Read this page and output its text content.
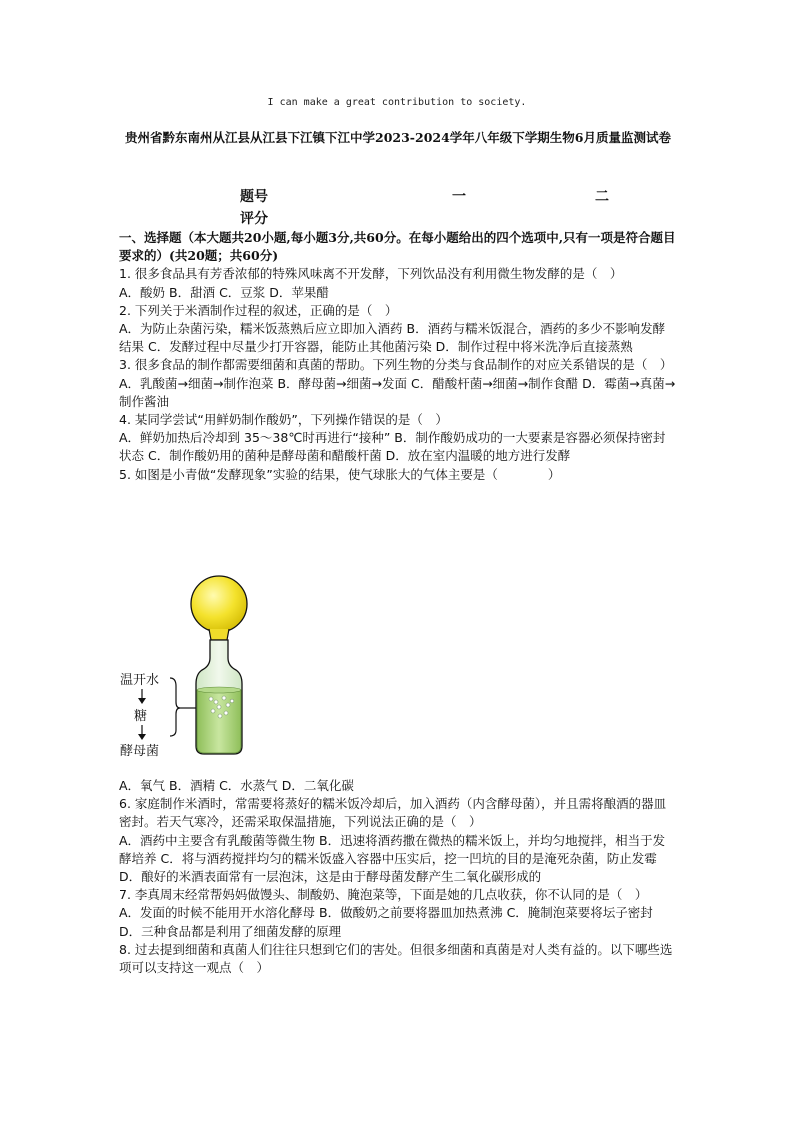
I can make a great contribution to society.
贵州省黔东南州从江县从江县下江镇下江中学2023-2024学年八年级下学期生物6月质量监测试卷
题号	一	二
评分

一、选择题（本大题共20小题,每小题3分,共60分。在每小题给出的四个选项中,只有一项是符合题目要求的）(共20题；共60分)

1. 很多食品具有芳香浓郁的特殊风味离不开发酵，下列饮品没有利用微生物发酵的是（　）

A．酸奶 B．甜酒 C．豆浆 D．苹果醋

2. 下列关于米酒制作过程的叙述，正确的是（　）

A．为防止杂菌污染，糯米饭蒸熟后应立即加入酒药 B．酒药与糯米饭混合，酒药的多少不影响发酵结果 C．发酵过程中尽量少打开容器，能防止其他菌污染 D．制作过程中将米洗净后直接蒸熟

3. 很多食品的制作都需要细菌和真菌的帮助。下列生物的分类与食品制作的对应关系错误的是（　）

A．乳酸菌→细菌→制作泡菜 B．酵母菌→细菌→发面 C．醋酸杆菌→细菌→制作食醋 D．霉菌→真菌→制作酱油

4. 某同学尝试“用鲜奶制作酸奶”，下列操作错误的是（　）

A．鲜奶加热后冷却到 35～38℃时再进行“接种” B．制作酸奶成功的一大要素是容器必须保持密封状态 C．制作酸奶用的菌种是酵母菌和醋酸杆菌 D．放在室内温暖的地方进行发酵

5. 如图是小青做“发酵现象”实验的结果，使气球胀大的气体主要是（　　　　）

温开水
糖
酵母菌

A．氧气 B．酒精 C．水蒸气 D．二氧化碳

6. 家庭制作米酒时，常需要将蒸好的糯米饭冷却后，加入酒药（内含酵母菌），并且需将酿酒的器皿密封。若天气寒冷，还需采取保温措施，下列说法正确的是（　）

A．酒药中主要含有乳酸菌等微生物 B．迅速将酒药撒在微热的糯米饭上，并均匀地搅拌，相当于发酵培养 C．将与酒药搅拌均匀的糯米饭盛入容器中压实后，挖一凹坑的目的是淹死杂菌，防止发霉 D．酿好的米酒表面常有一层泡沫，这是由于酵母菌发酵产生二氧化碳形成的

7. 李真周末经常帮妈妈做馒头、制酸奶、腌泡菜等，下面是她的几点收获，你不认同的是（　）

A．发面的时候不能用开水溶化酵母 B．做酸奶之前要将器皿加热煮沸 C．腌制泡菜要将坛子密封 D．三种食品都是利用了细菌发酵的原理

8. 过去提到细菌和真菌人们往往只想到它们的害处。但很多细菌和真菌是对人类有益的。以下哪些选项可以支持这一观点（　）
